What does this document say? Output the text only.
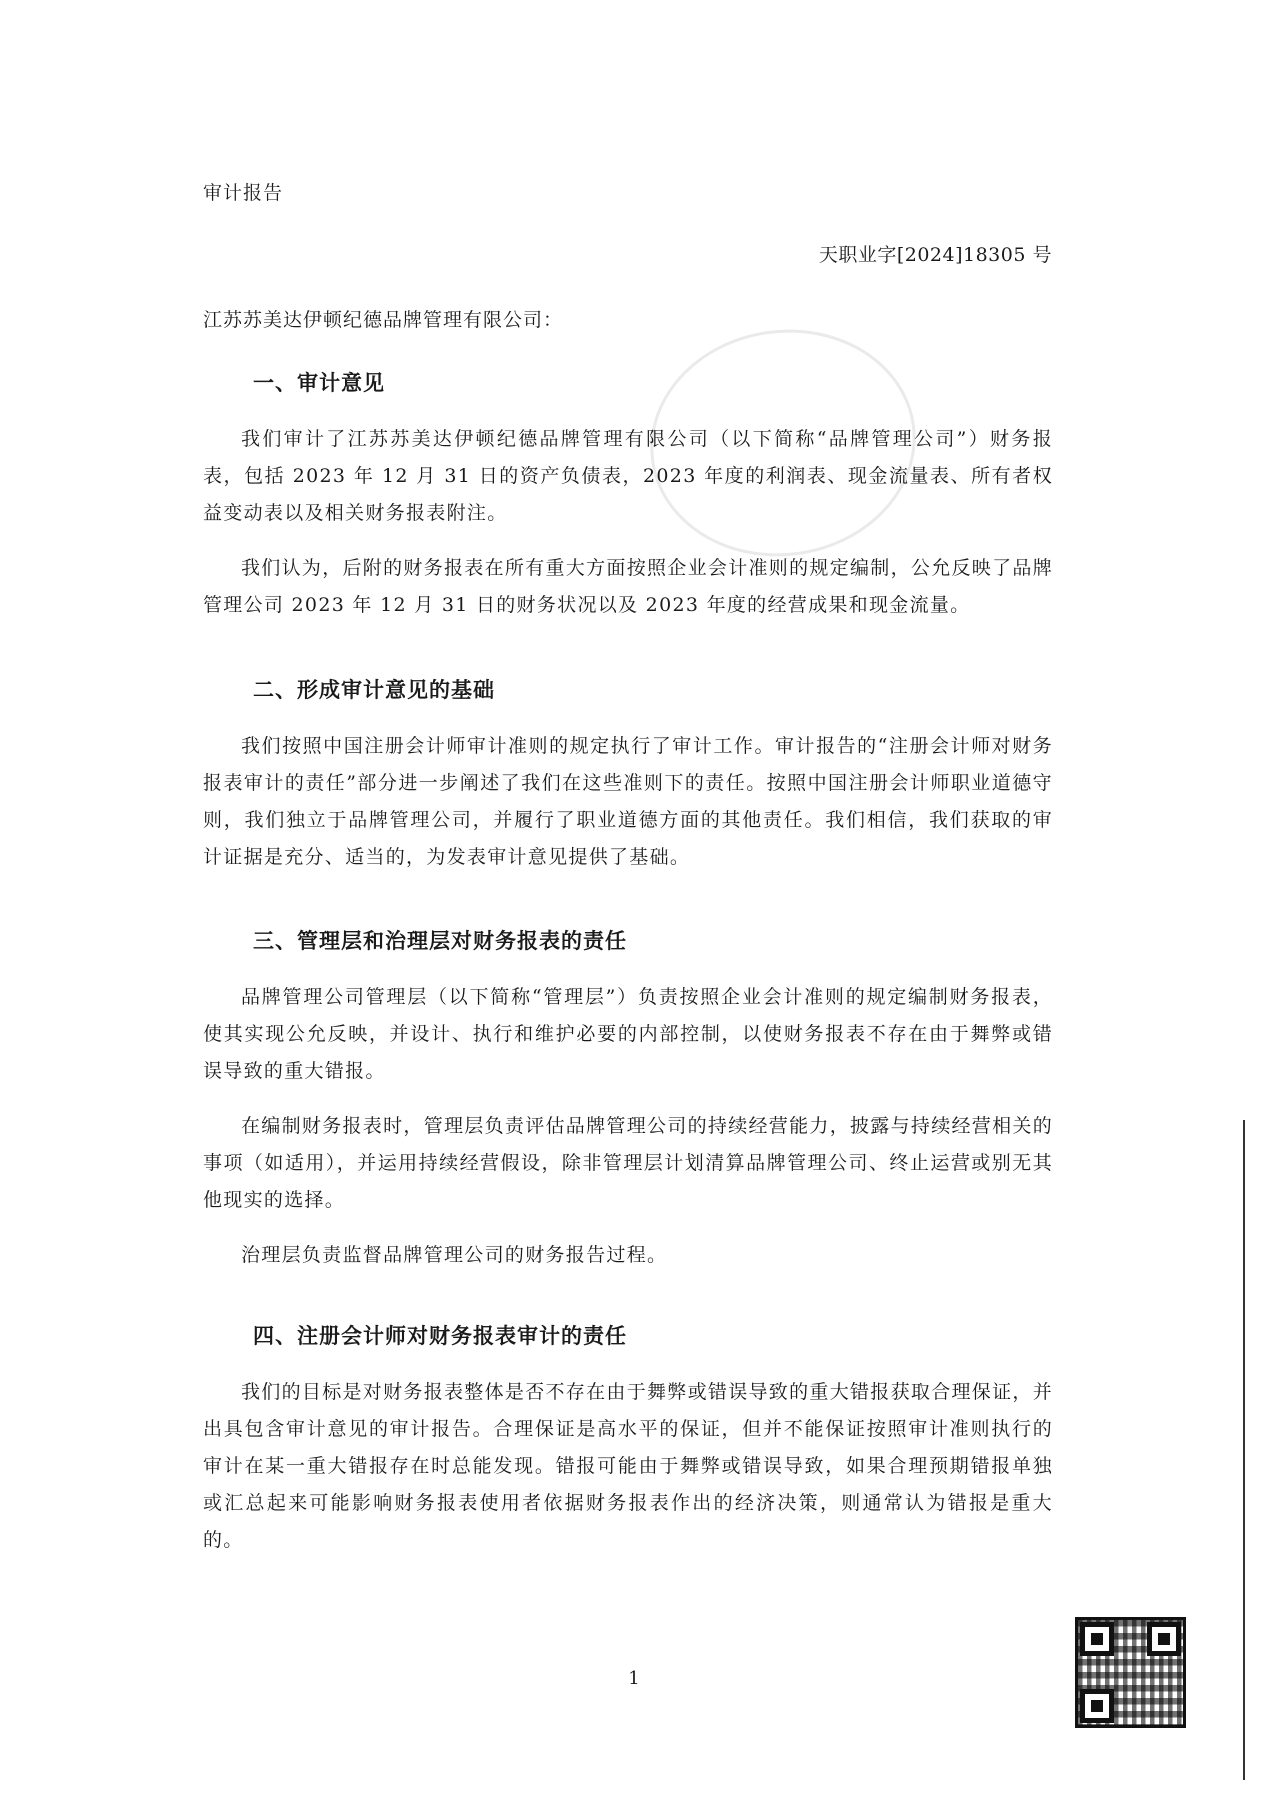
审计报告
天职业字[2024]18305 号
江苏苏美达伊顿纪德品牌管理有限公司：
一、审计意见

我们审计了江苏苏美达伊顿纪德品牌管理有限公司（以下简称“品牌管理公司”）财务报表，包括 2023 年 12 月 31 日的资产负债表，2023 年度的利润表、现金流量表、所有者权益变动表以及相关财务报表附注。

我们认为，后附的财务报表在所有重大方面按照企业会计准则的规定编制，公允反映了品牌管理公司 2023 年 12 月 31 日的财务状况以及 2023 年度的经营成果和现金流量。

二、形成审计意见的基础

我们按照中国注册会计师审计准则的规定执行了审计工作。审计报告的“注册会计师对财务报表审计的责任”部分进一步阐述了我们在这些准则下的责任。按照中国注册会计师职业道德守则，我们独立于品牌管理公司，并履行了职业道德方面的其他责任。我们相信，我们获取的审计证据是充分、适当的，为发表审计意见提供了基础。

三、管理层和治理层对财务报表的责任

品牌管理公司管理层（以下简称“管理层”）负责按照企业会计准则的规定编制财务报表，使其实现公允反映，并设计、执行和维护必要的内部控制，以使财务报表不存在由于舞弊或错误导致的重大错报。

在编制财务报表时，管理层负责评估品牌管理公司的持续经营能力，披露与持续经营相关的事项（如适用），并运用持续经营假设，除非管理层计划清算品牌管理公司、终止运营或别无其他现实的选择。

治理层负责监督品牌管理公司的财务报告过程。

四、注册会计师对财务报表审计的责任

我们的目标是对财务报表整体是否不存在由于舞弊或错误导致的重大错报获取合理保证，并出具包含审计意见的审计报告。合理保证是高水平的保证，但并不能保证按照审计准则执行的审计在某一重大错报存在时总能发现。错报可能由于舞弊或错误导致，如果合理预期错报单独或汇总起来可能影响财务报表使用者依据财务报表作出的经济决策，则通常认为错报是重大的。

1
